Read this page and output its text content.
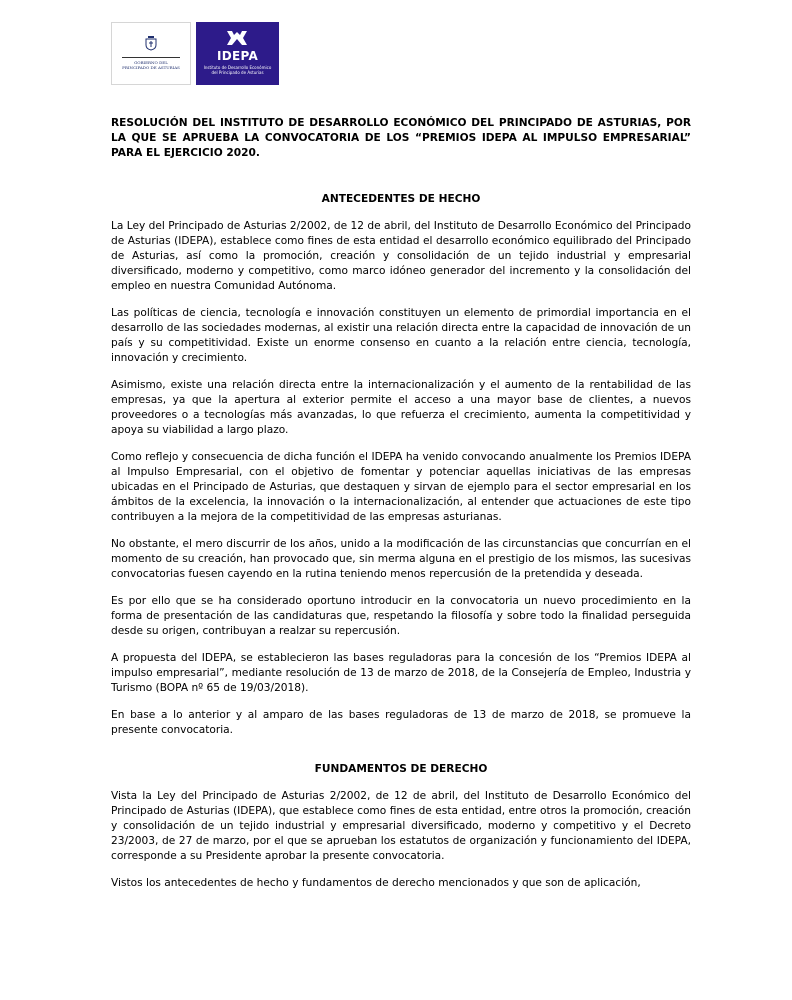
GOBIERNO DEL
PRINCIPADO DE ASTURIAS
IDEPA
Instituto de Desarrollo Económico
del Principado de Asturias

RESOLUCIÓN DEL INSTITUTO DE DESARROLLO ECONÓMICO DEL PRINCIPADO DE ASTURIAS, POR LA QUE SE APRUEBA LA CONVOCATORIA DE LOS “PREMIOS IDEPA AL IMPULSO EMPRESARIAL” PARA EL EJERCICIO 2020.

ANTECEDENTES DE HECHO

La Ley del Principado de Asturias 2/2002, de 12 de abril, del Instituto de Desarrollo Económico del Principado de Asturias (IDEPA), establece como fines de esta entidad el desarrollo económico equilibrado del Principado de Asturias, así como la promoción, creación y consolidación de un tejido industrial y empresarial diversificado, moderno y competitivo, como marco idóneo generador del incremento y la consolidación del empleo en nuestra Comunidad Autónoma.

Las políticas de ciencia, tecnología e innovación constituyen un elemento de primordial importancia en el desarrollo de las sociedades modernas, al existir una relación directa entre la capacidad de innovación de un país y su competitividad. Existe un enorme consenso en cuanto a la relación entre ciencia, tecnología, innovación y crecimiento.

Asimismo, existe una relación directa entre la internacionalización y el aumento de la rentabilidad de las empresas, ya que la apertura al exterior permite el acceso a una mayor base de clientes, a nuevos proveedores o a tecnologías más avanzadas, lo que refuerza el crecimiento, aumenta la competitividad y apoya su viabilidad a largo plazo.

Como reflejo y consecuencia de dicha función el IDEPA ha venido convocando anualmente los Premios IDEPA al Impulso Empresarial, con el objetivo de fomentar y potenciar aquellas iniciativas de las empresas ubicadas en el Principado de Asturias, que destaquen y sirvan de ejemplo para el sector empresarial en los ámbitos de la excelencia, la innovación o la internacionalización, al entender que actuaciones de este tipo contribuyen a la mejora de la competitividad de las empresas asturianas.

No obstante, el mero discurrir de los años, unido a la modificación de las circunstancias que concurrían en el momento de su creación, han provocado que, sin merma alguna en el prestigio de los mismos, las sucesivas convocatorias fuesen cayendo en la rutina teniendo menos repercusión de la pretendida y deseada.

Es por ello que se ha considerado oportuno introducir en la convocatoria un nuevo procedimiento en la forma de presentación de las candidaturas que, respetando la filosofía y sobre todo la finalidad perseguida desde su origen, contribuyan a realzar su repercusión.

A propuesta del IDEPA, se establecieron las bases reguladoras para la concesión de los “Premios IDEPA al impulso empresarial”, mediante resolución de 13 de marzo de 2018, de la Consejería de Empleo, Industria y Turismo (BOPA nº 65 de 19/03/2018).

En base a lo anterior y al amparo de las bases reguladoras de 13 de marzo de 2018, se promueve la presente convocatoria.

FUNDAMENTOS DE DERECHO

Vista la Ley del Principado de Asturias 2/2002, de 12 de abril, del Instituto de Desarrollo Económico del Principado de Asturias (IDEPA), que establece como fines de esta entidad, entre otros la promoción, creación y consolidación de un tejido industrial y empresarial diversificado, moderno y competitivo y el Decreto 23/2003, de 27 de marzo, por el que se aprueban los estatutos de organización y funcionamiento del IDEPA, corresponde a su Presidente aprobar la presente convocatoria.

Vistos los antecedentes de hecho y fundamentos de derecho mencionados y que son de aplicación,
